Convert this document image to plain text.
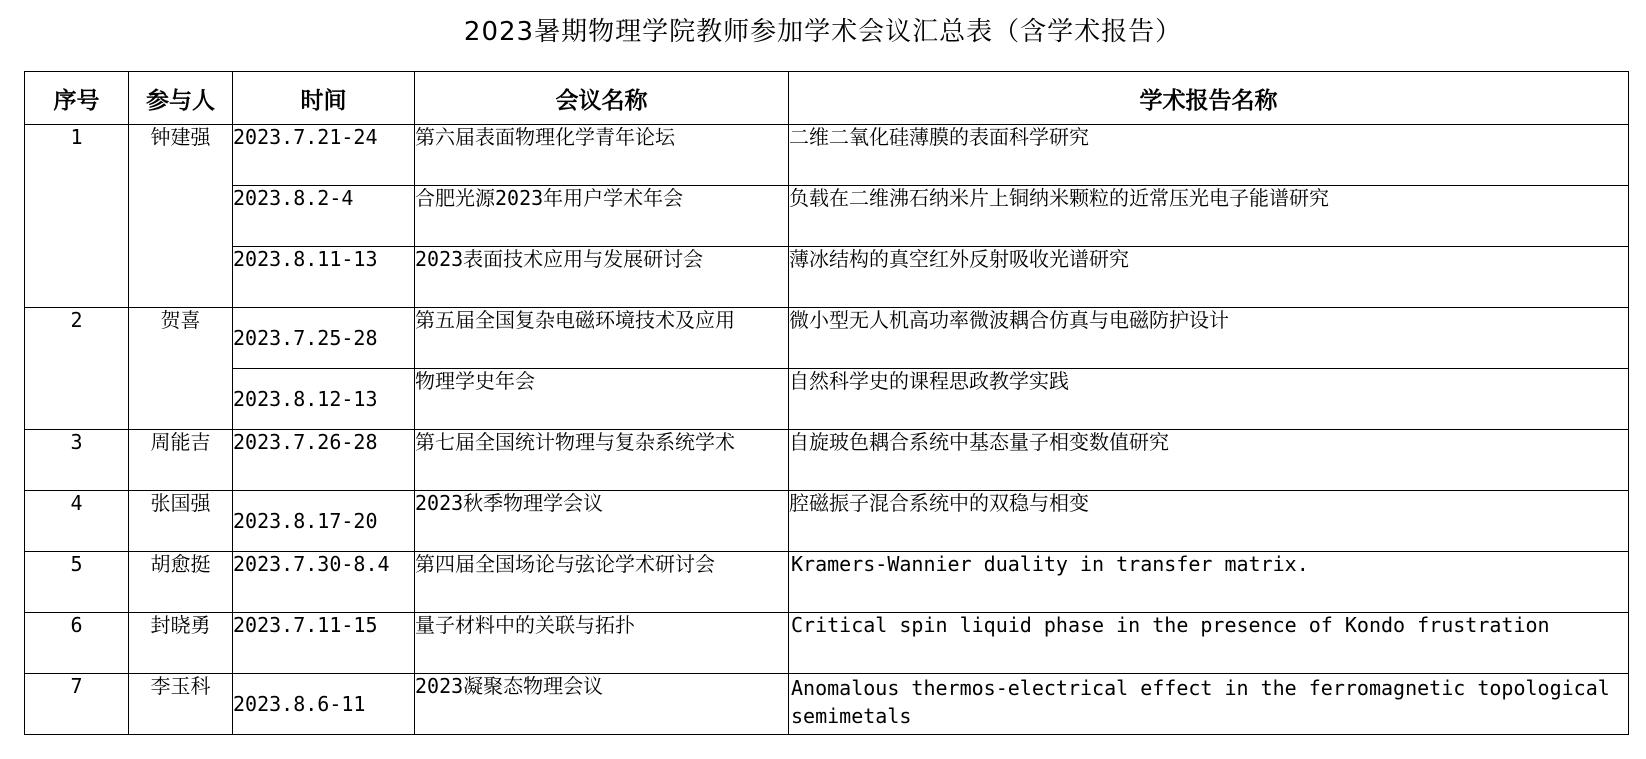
2023暑期物理学院教师参加学术会议汇总表（含学术报告）
序号	参与人	时间	会议名称	学术报告名称
1	钟建强	2023.7.21-24	第六届表面物理化学青年论坛	二维二氧化硅薄膜的表面科学研究
		2023.8.2-4	合肥光源2023年用户学术年会	负载在二维沸石纳米片上铜纳米颗粒的近常压光电子能谱研究
		2023.8.11-13	2023表面技术应用与发展研讨会	薄冰结构的真空红外反射吸收光谱研究
2	贺喜	2023.7.25-28	第五届全国复杂电磁环境技术及应用	微小型无人机高功率微波耦合仿真与电磁防护设计
		2023.8.12-13	物理学史年会	自然科学史的课程思政教学实践
3	周能吉	2023.7.26-28	第七届全国统计物理与复杂系统学术	自旋玻色耦合系统中基态量子相变数值研究
4	张国强	2023.8.17-20	2023秋季物理学会议	腔磁振子混合系统中的双稳与相变
5	胡愈挺	2023.7.30-8.4	第四届全国场论与弦论学术研讨会	Kramers-Wannier duality in transfer matrix.
6	封晓勇	2023.7.11-15	量子材料中的关联与拓扑	Critical spin liquid phase in the presence of Kondo frustration
7	李玉科	2023.8.6-11	2023凝聚态物理会议	Anomalous thermos-electrical effect in the ferromagnetic topological semimetals
